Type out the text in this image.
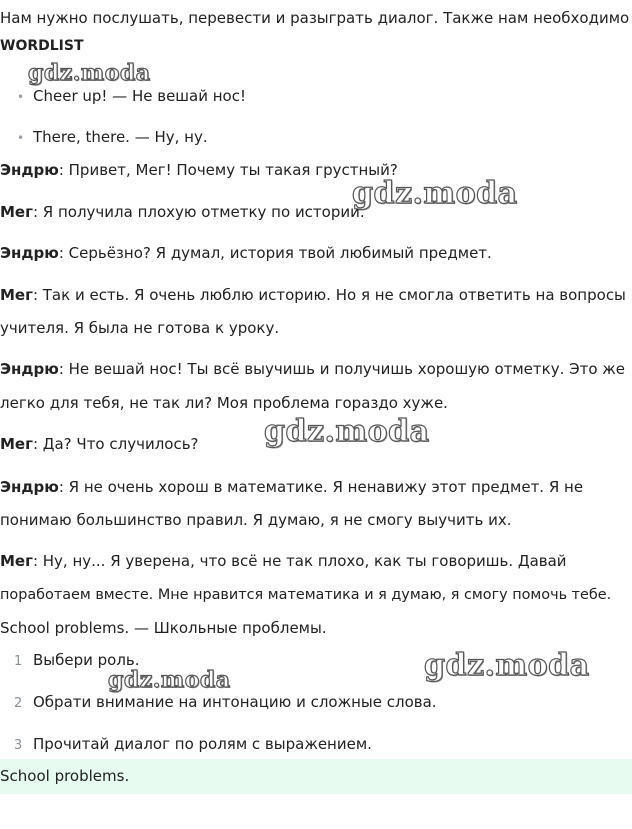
Нам нужно послушать, перевести и разыграть диалог. Также нам необходимо
WORDLIST
gdz.moda
• Cheer up! — Не вешай нос!
• There, there. — Ну, ну.
Эндрю: Привет, Мег! Почему ты такая грустный?
gdz.moda
Мег: Я получила плохую отметку по истории.
Эндрю: Серьёзно? Я думал, история твой любимый предмет.
Мег: Так и есть. Я очень люблю историю. Но я не смогла ответить на вопросы
учителя. Я была не готова к уроку.
Эндрю: Не вешай нос! Ты всё выучишь и получишь хорошую отметку. Это же
легко для тебя, не так ли? Моя проблема гораздо хуже.
Мег: Да? Что случилось? gdz.moda
Эндрю: Я не очень хорош в математике. Я ненавижу этот предмет. Я не
понимаю большинство правил. Я думаю, я не смогу выучить их.
Мег: Ну, ну... Я уверена, что всё не так плохо, как ты говоришь. Давай
поработаем вместе. Мне нравится математика и я думаю, я смогу помочь тебе.
School problems. — Школьные проблемы.
gdz.moda
1 Выбери роль.
gdz.moda
2 Обрати внимание на интонацию и сложные слова.
3 Прочитай диалог по ролям с выражением.
School problems.
